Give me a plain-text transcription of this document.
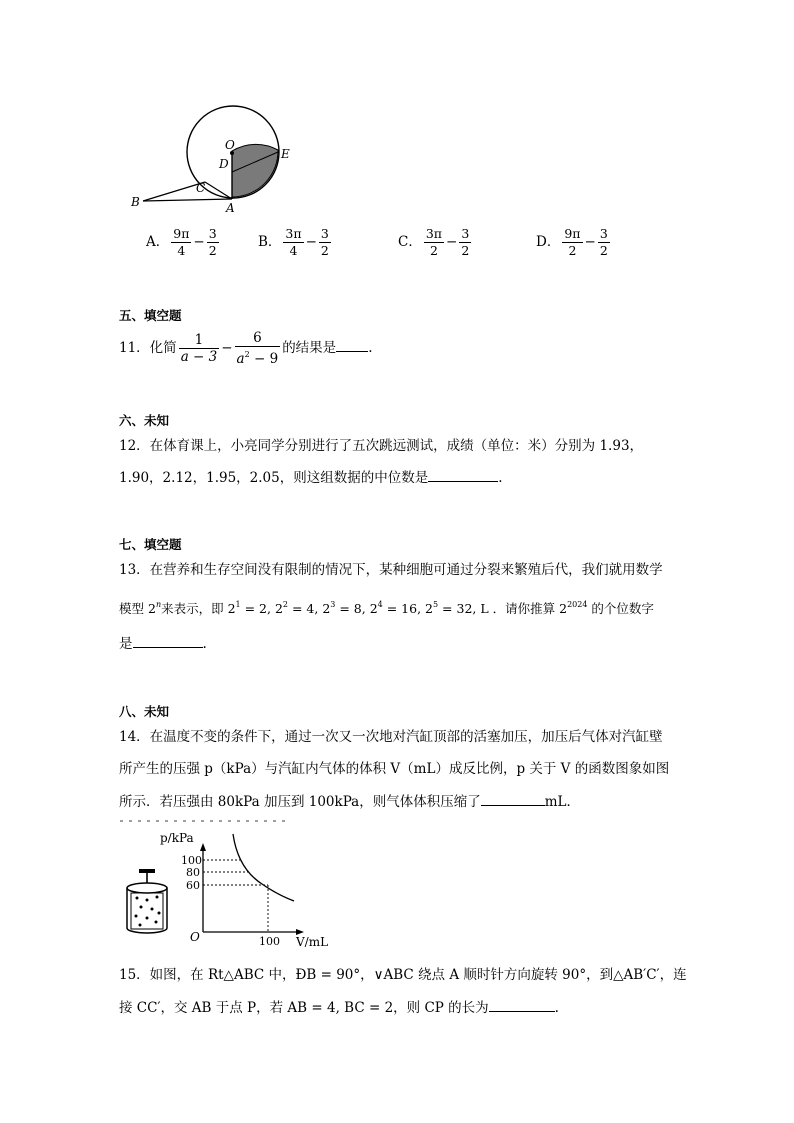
O
D
E
C
B	A
A． $\frac{9\pi}{4} - \frac{3}{2}$	B． $\frac{3\pi}{4} - \frac{3}{2}$	C． $\frac{3\pi}{2} - \frac{3}{2}$	D． $\frac{9\pi}{2} - \frac{3}{2}$
五、填空题
11．化简 $\frac{1}{a - 3} - \frac{6}{a^2 - 9}$ 的结果是 .
六、未知
12．在体育课上，小亮同学分别进行了五次跳远测试，成绩（单位：米）分别为 1.93，
1.90，2.12，1.95，2.05，则这组数据的中位数是	.
七、填空题
13．在营养和生存空间没有限制的情况下，某种细胞可通过分裂来繁殖后代，我们就用数学
模型 2$^n$来表示，即 $2^1 = 2$, $2^2 = 4$, $2^3 = 8$, $2^4 = 16$, $2^5 = 32$, L ．请你推算 $2^{2024}$ 的个位数字
是	.
八、未知
14．在温度不变的条件下，通过一次又一次地对汽缸顶部的活塞加压，加压后气体对汽缸壁
所产生的压强 p（kPa）与汽缸内气体的体积 V（mL）成反比例，p 关于 V 的函数图象如图
所示．若压强由 80kPa 加压到 100kPa，则气体体积压缩了	mL．
p/kPa
100
80
60
O	100 V/mL
15．如图，在 Rt△ABC 中，ÐB = 90°，∨ABC 绕点 A 顺时针方向旋转 90°，到△AB′C′，连
接 CC′，交 AB 于点 P，若 AB = 4, BC = 2，则 CP 的长为	.
